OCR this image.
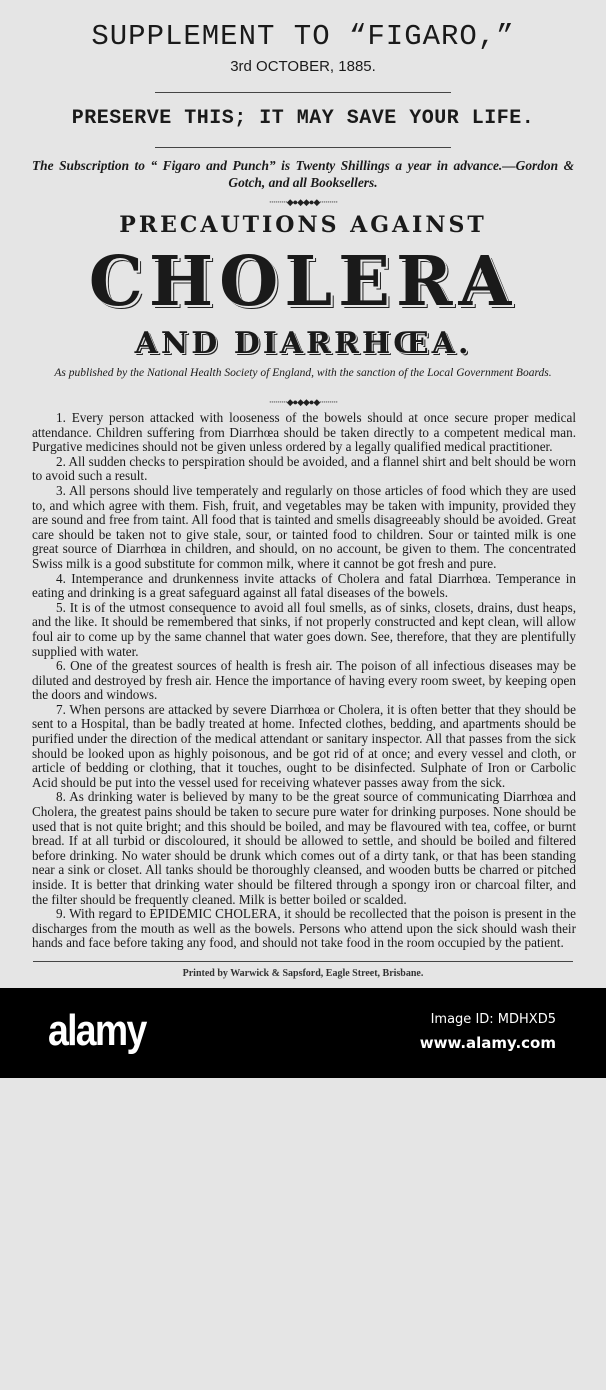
SUPPLEMENT TO “FIGARO,”
3rd OCTOBER, 1885.
PRESERVE THIS; IT MAY SAVE YOUR LIFE.
The Subscription to “ Figaro and Punch” is Twenty Shillings a year in advance.—Gordon & Gotch, and all Booksellers.
·········◆●◆◆●◆·········
PRECAUTIONS AGAINST
CHOLERA
AND DIARRHŒA.
As published by the National Health Society of England, with the sanction of the Local Government Boards.
·········◆●◆◆●◆·········

1. Every person attacked with looseness of the bowels should at once secure proper medical attendance. Children suffering from Diarrhœa should be taken directly to a competent medical man. Purgative medicines should not be given unless ordered by a legally qualified medical practitioner.

2. All sudden checks to perspiration should be avoided, and a flannel shirt and belt should be worn to avoid such a result.

3. All persons should live temperately and regularly on those articles of food which they are used to, and which agree with them. Fish, fruit, and vegetables may be taken with impunity, provided they are sound and free from taint. All food that is tainted and smells disagreeably should be avoided. Great care should be taken not to give stale, sour, or tainted food to children. Sour or tainted milk is one great source of Diarrhœa in children, and should, on no account, be given to them. The concentrated Swiss milk is a good substitute for common milk, where it cannot be got fresh and pure.

4. Intemperance and drunkenness invite attacks of Cholera and fatal Diarrhœa. Temperance in eating and drinking is a great safeguard against all fatal diseases of the bowels.

5. It is of the utmost consequence to avoid all foul smells, as of sinks, closets, drains, dust heaps, and the like. It should be remembered that sinks, if not properly constructed and kept clean, will allow foul air to come up by the same channel that water goes down. See, therefore, that they are plentifully supplied with water.

6. One of the greatest sources of health is fresh air. The poison of all infectious diseases may be diluted and destroyed by fresh air. Hence the importance of having every room sweet, by keeping open the doors and windows.

7. When persons are attacked by severe Diarrhœa or Cholera, it is often better that they should be sent to a Hospital, than be badly treated at home. Infected clothes, bedding, and apartments should be purified under the direction of the medical attendant or sanitary inspector. All that passes from the sick should be looked upon as highly poisonous, and be got rid of at once; and every vessel and cloth, or article of bedding or clothing, that it touches, ought to be disinfected. Sulphate of Iron or Carbolic Acid should be put into the vessel used for receiving whatever passes away from the sick.

8. As drinking water is believed by many to be the great source of communicating Diarrhœa and Cholera, the greatest pains should be taken to secure pure water for drinking purposes. None should be used that is not quite bright; and this should be boiled, and may be flavoured with tea, coffee, or burnt bread. If at all turbid or discoloured, it should be allowed to settle, and should be boiled and filtered before drinking. No water should be drunk which comes out of a dirty tank, or that has been standing near a sink or closet. All tanks should be thoroughly cleansed, and wooden butts be charred or pitched inside. It is better that drinking water should be filtered through a spongy iron or charcoal filter, and the filter should be frequently cleaned. Milk is better boiled or scalded.

9. With regard to EPIDEMIC CHOLERA, it should be recollected that the poison is present in the discharges from the mouth as well as the bowels. Persons who attend upon the sick should wash their hands and face before taking any food, and should not take food in the room occupied by the patient.

Printed by Warwick & Sapsford, Eagle Street, Brisbane.
alamy	Image ID: MDHXD5
www.alamy.com
